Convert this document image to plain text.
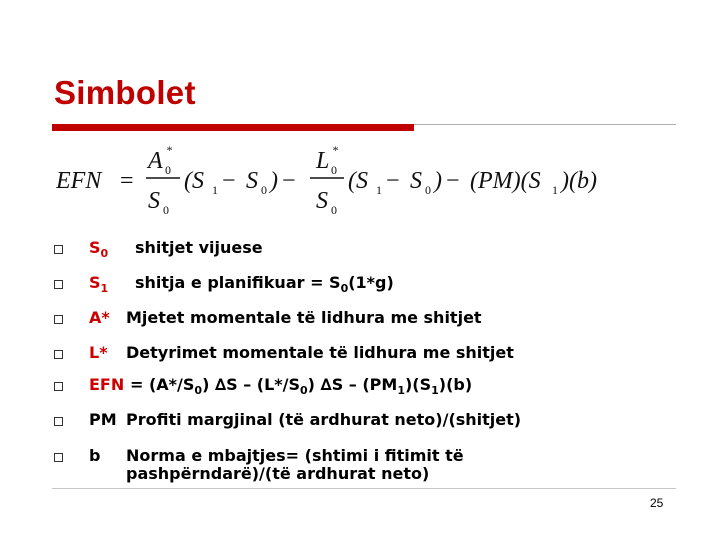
Simbolet
EFN =
A *
0
S 0
(S 1 − S 0 ) −
L *
0
S 0
(S 1 − S 0 ) − (PM)(S 1 )(b)
$S_0$ shitjet vijuese
$S_1$ shitja e planifikuar = $S_0(1*g)$
A* Mjetet momentale të lidhura me shitjet
L* Detyrimet momentale të lidhura me shitjet
EFN = $(A*/S_0)$ $\Delta S - (L*/S_0)$ $\Delta S - (PM_1)(S_1)(b)$
PM Profiti margjinal (të ardhurat neto)/(shitjet)
b Norma e mbajtjes= (shtimi i fitimit të
pashpërndarë)/(të ardhurat neto)
25
